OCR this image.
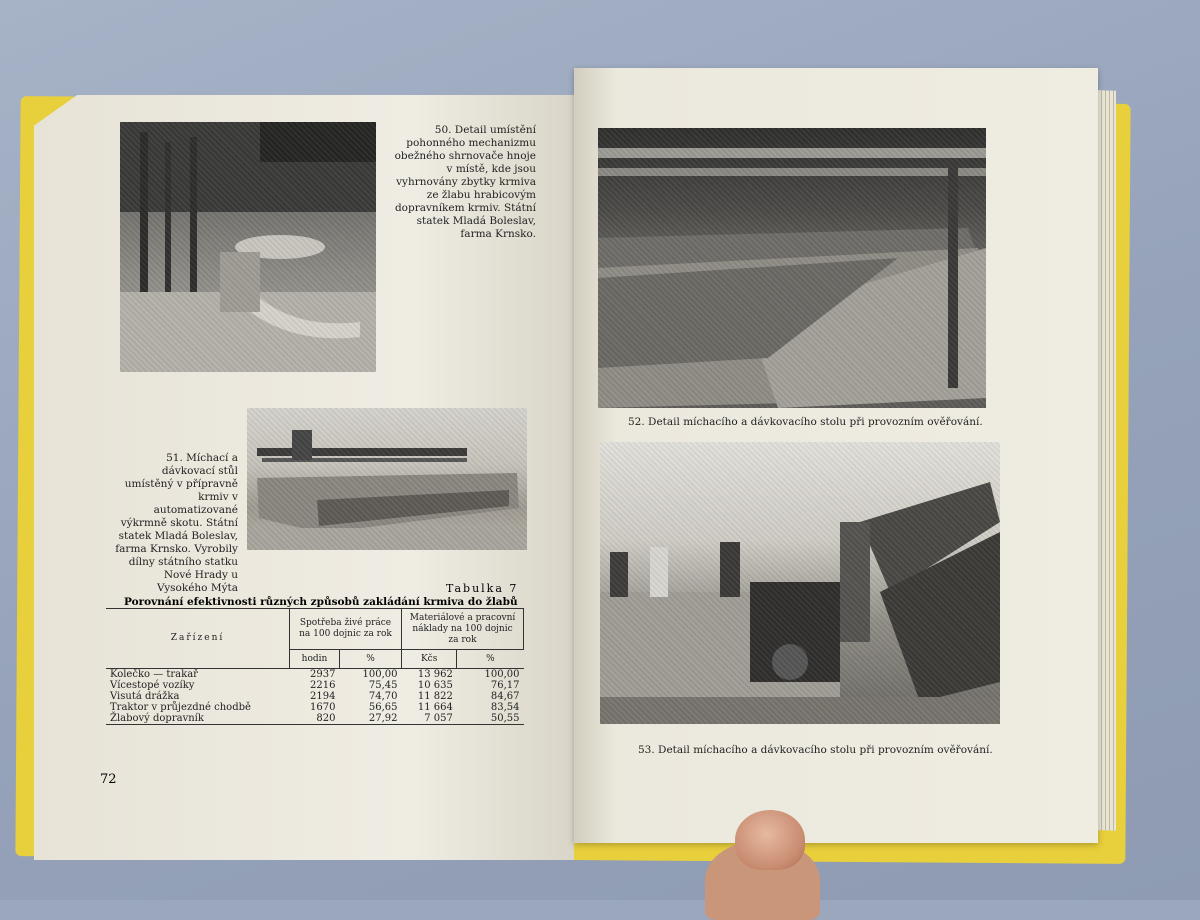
50. Detail umístění pohonného mechanizmu obežného shrnovače hnoje v místě, kde jsou vyhrnovány zbytky krmiva ze žlabu hrabicovým dopravníkem krmiv. Státní statek Mladá Boleslav, farma Krnsko.
51. Míchací a dávkovací stůl umístěný v přípravně krmiv v automatizované výkrmně skotu. Státní statek Mladá Boleslav, farma Krnsko. Vyrobily dílny státního statku Nové Hrady u Vysokého Mýta	Tabulka 7
Porovnání efektivnosti různých způsobů zakládání krmiva do žlabů
Zařízení	Spotřeba živé práce na 100 dojnic za rok		Materiálové a pracovní náklady na 100 dojnic za rok	
	hodin	%	Kčs	%
Kolečko — trakař	2937	100,00	13 962	100,00
Vícestopé vozíky	2216	75,45	10 635	76,17
Visutá drážka	2194	74,70	11 822	84,67
Traktor v průjezdné chodbě	1670	56,65	11 664	83,54
Žlabový dopravník	820	27,92	7 057	50,55
72
52. Detail míchacího a dávkovacího stolu při provozním ověřování.
53. Detail míchacího a dávkovacího stolu při provozním ověřování.
